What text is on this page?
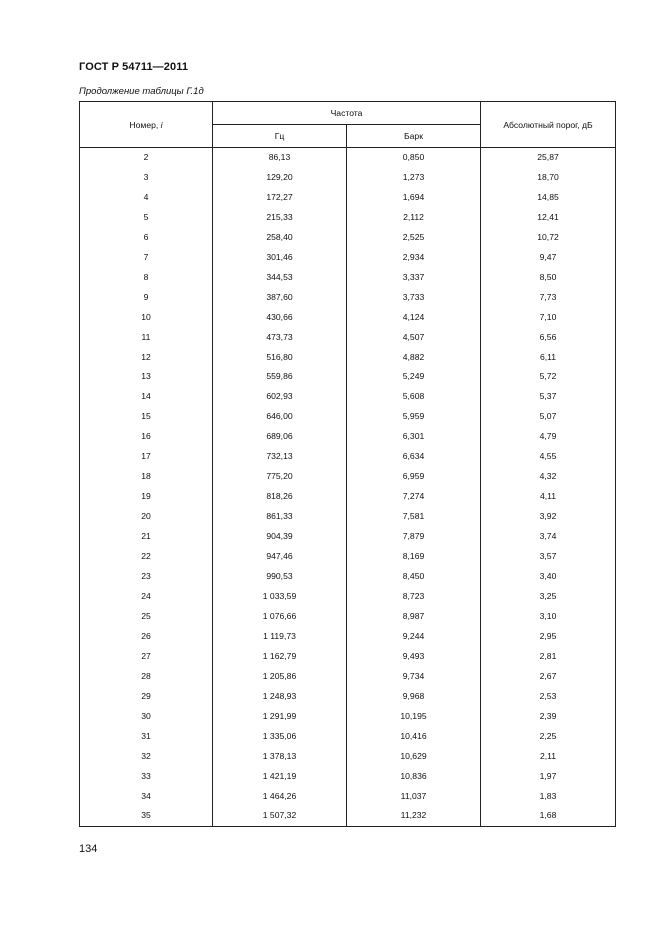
ГОСТ Р 54711—2011
Продолжение таблицы Г.1д
Номер, i	Частота		Абсолютный порог, дБ
	Гц	Барк	
2	86,13	0,850	25,87
3	129,20	1,273	18,70
4	172,27	1,694	14,85
5	215,33	2,112	12,41
6	258,40	2,525	10,72
7	301,46	2,934	9,47
8	344,53	3,337	8,50
9	387,60	3,733	7,73
10	430,66	4,124	7,10
11	473,73	4,507	6,56
12	516,80	4,882	6,11
13	559,86	5,249	5,72
14	602,93	5,608	5,37
15	646,00	5,959	5,07
16	689,06	6,301	4,79
17	732,13	6,634	4,55
18	775,20	6,959	4,32
19	818,26	7,274	4,11
20	861,33	7,581	3,92
21	904,39	7,879	3,74
22	947,46	8,169	3,57
23	990,53	8,450	3,40
24	1 033,59	8,723	3,25
25	1 076,66	8,987	3,10
26	1 119,73	9,244	2,95
27	1 162,79	9,493	2,81
28	1 205,86	9,734	2,67
29	1 248,93	9,968	2,53
30	1 291,99	10,195	2,39
31	1 335,06	10,416	2,25
32	1 378,13	10,629	2,11
33	1 421,19	10,836	1,97
34	1 464,26	11,037	1,83
35	1 507,32	11,232	1,68
134
